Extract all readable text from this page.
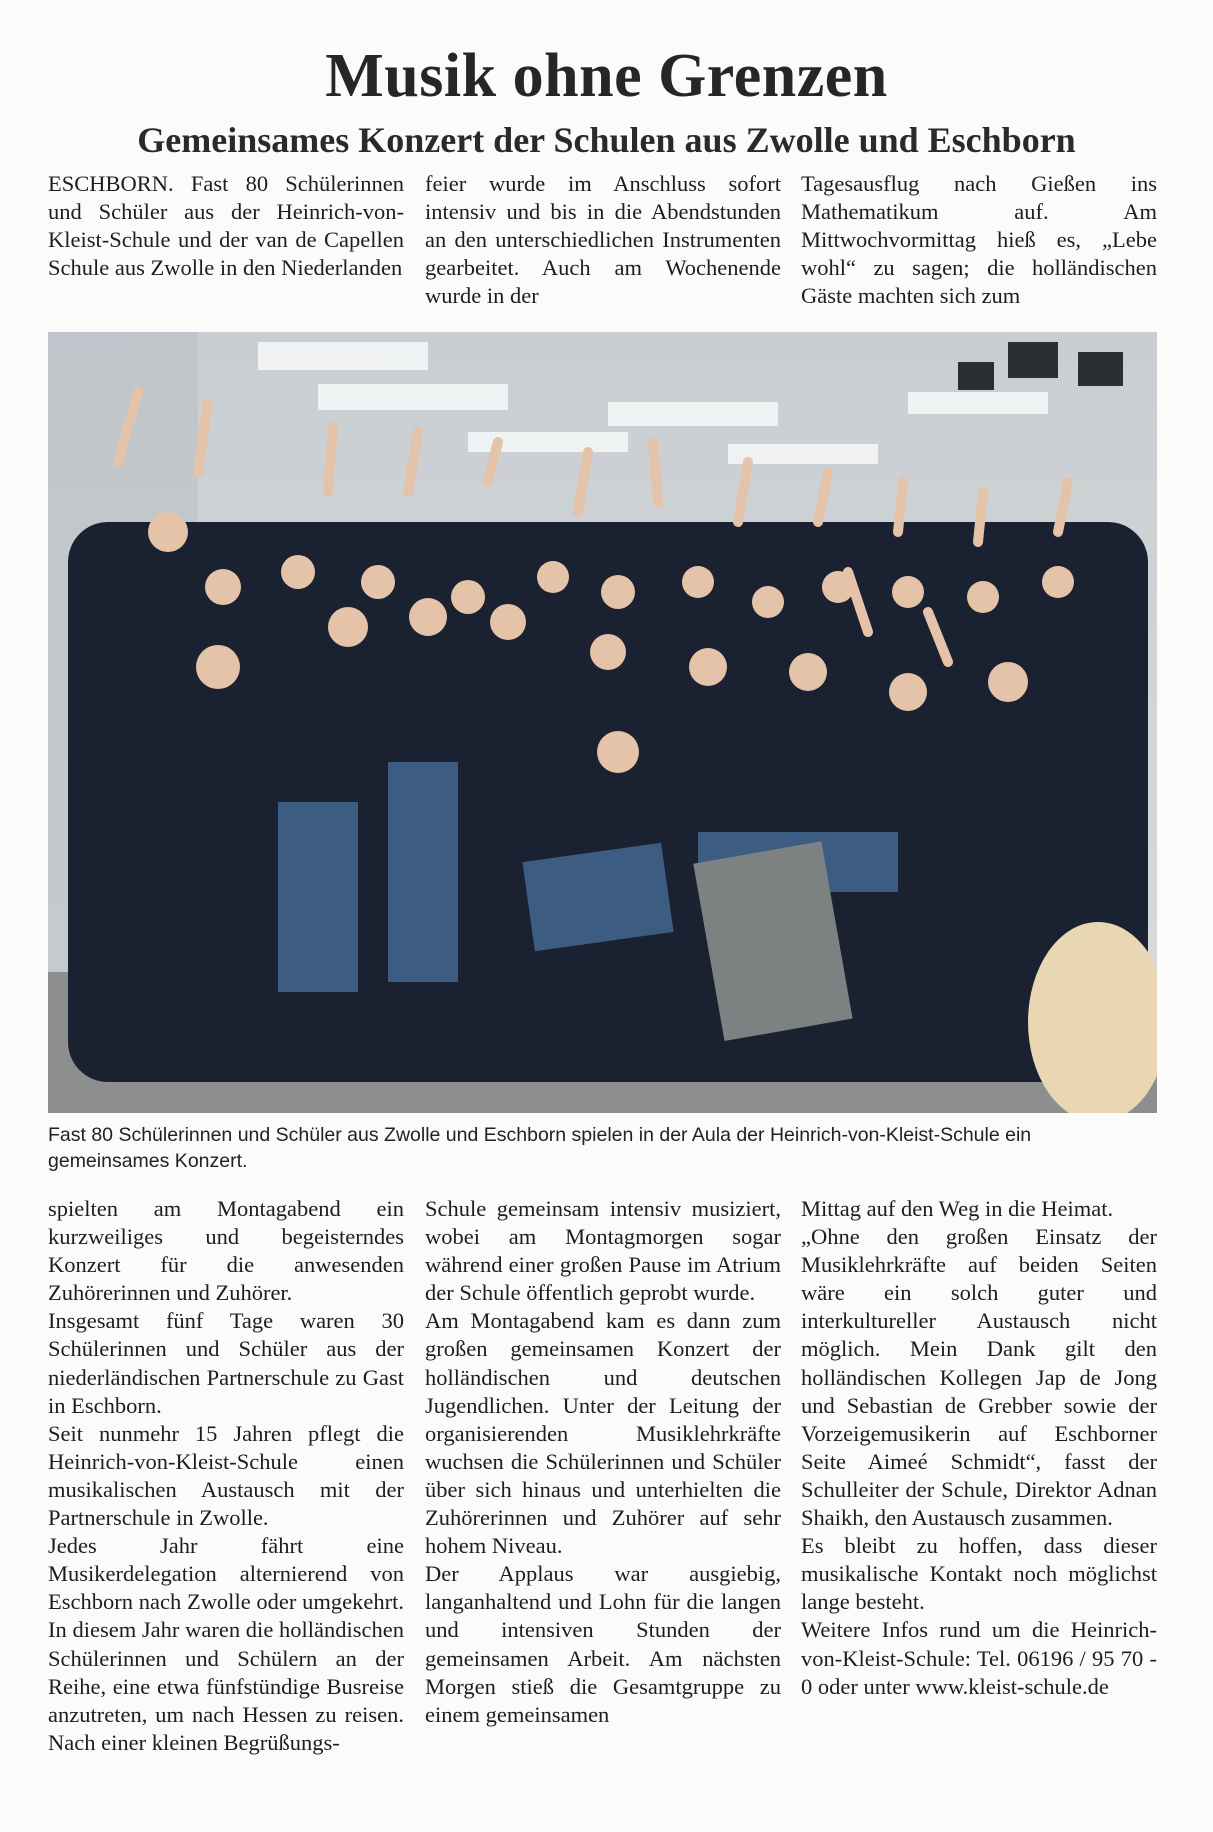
Musik ohne Grenzen
Gemeinsames Konzert der Schulen aus Zwolle und Eschborn

ESCHBORN. Fast 80 Schülerinnen und Schüler aus der Heinrich-von-Kleist-Schule und der van de Capellen Schule aus Zwolle in den Niederlanden

feier wurde im Anschluss sofort intensiv und bis in die Abendstunden an den unterschiedlichen Instrumenten gearbeitet. Auch am Wochenende wurde in der

Tagesausflug nach Gießen ins Mathematikum auf. Am Mittwochvormittag hieß es, „Lebe wohl“ zu sagen; die holländischen Gäste machten sich zum

Fast 80 Schülerinnen und Schüler aus Zwolle und Eschborn spielen in der Aula der Heinrich-von-Kleist-Schule ein gemeinsames Konzert.

spielten am Montagabend ein kurzweiliges und begeisterndes Konzert für die anwesenden Zuhörerinnen und Zuhörer.

Insgesamt fünf Tage waren 30 Schülerinnen und Schüler aus der niederländischen Partnerschule zu Gast in Eschborn.

Seit nunmehr 15 Jahren pflegt die Heinrich-von-Kleist-Schule einen musikalischen Austausch mit der Partnerschule in Zwolle.

Jedes Jahr fährt eine Musikerdelegation alternierend von Eschborn nach Zwolle oder umgekehrt. In diesem Jahr waren die holländischen Schülerinnen und Schülern an der Reihe, eine etwa fünfstündige Busreise anzutreten, um nach Hessen zu reisen. Nach einer kleinen Begrüßungs-

Schule gemeinsam intensiv musiziert, wobei am Montagmorgen sogar während einer großen Pause im Atrium der Schule öffentlich geprobt wurde.

Am Montagabend kam es dann zum großen gemeinsamen Konzert der holländischen und deutschen Jugendlichen. Unter der Leitung der organisierenden Musiklehrkräfte wuchsen die Schülerinnen und Schüler über sich hinaus und unterhielten die Zuhörerinnen und Zuhörer auf sehr hohem Niveau.

Der Applaus war ausgiebig, langanhaltend und Lohn für die langen und intensiven Stunden der gemeinsamen Arbeit. Am nächsten Morgen stieß die Gesamtgruppe zu einem gemeinsamen

Mittag auf den Weg in die Heimat.

„Ohne den großen Einsatz der Musiklehrkräfte auf beiden Seiten wäre ein solch guter und interkultureller Austausch nicht möglich. Mein Dank gilt den holländischen Kollegen Jap de Jong und Sebastian de Grebber sowie der Vorzeigemusikerin auf Eschborner Seite Aimeé Schmidt“, fasst der Schulleiter der Schule, Direktor Adnan Shaikh, den Austausch zusammen.

Es bleibt zu hoffen, dass dieser musikalische Kontakt noch möglichst lange besteht.

Weitere Infos rund um die Heinrich-von-Kleist-Schule: Tel. 06196 / 95 70 - 0 oder unter www.kleist-schule.de
